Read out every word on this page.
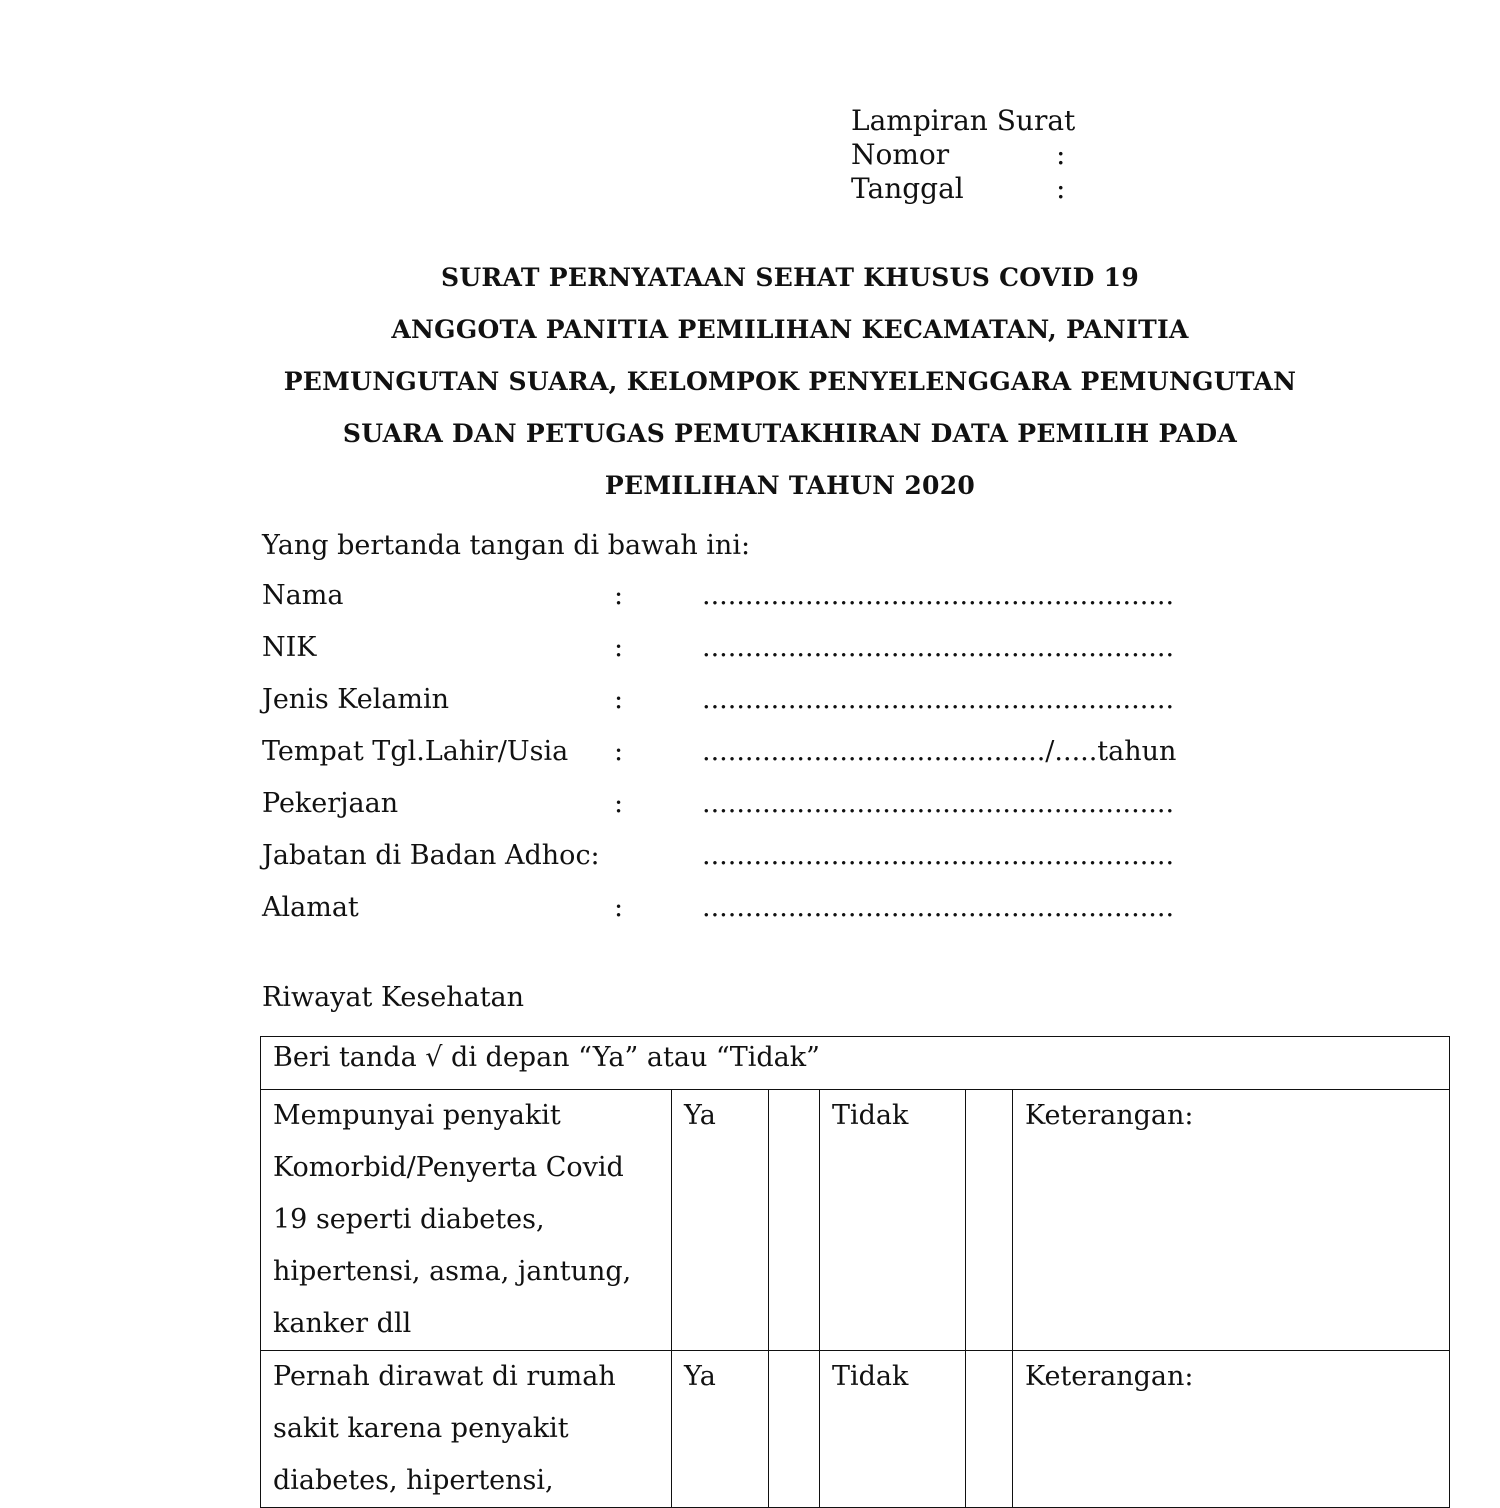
Lampiran Surat
Nomor	:
Tanggal	:
SURAT PERNYATAAN SEHAT KHUSUS COVID 19
ANGGOTA PANITIA PEMILIHAN KECAMATAN, PANITIA
PEMUNGUTAN SUARA, KELOMPOK PENYELENGGARA PEMUNGUTAN
SUARA DAN PETUGAS PEMUTAKHIRAN DATA PEMILIH PADA
PEMILIHAN TAHUN 2020
Yang bertanda tangan di bawah ini:
Nama	:	.......................................................
NIK	:	.......................................................
Jenis Kelamin	:	.......................................................
Tempat Tgl.Lahir/Usia	:	......................................../.....tahun
Pekerjaan	:	.......................................................
Jabatan di Badan Adhoc:	.......................................................
Alamat	:	.......................................................
Riwayat Kesehatan
Beri tanda √ di depan “Ya” atau “Tidak”					

Mempunyai penyakit
Komorbid/Penyerta Covid
19 seperti diabetes,
hipertensi, asma, jantung,
kanker dll	Ya		Tidak		Keterangan:

Pernah dirawat di rumah
sakit karena penyakit
diabetes, hipertensi,	Ya		Tidak		Keterangan:
